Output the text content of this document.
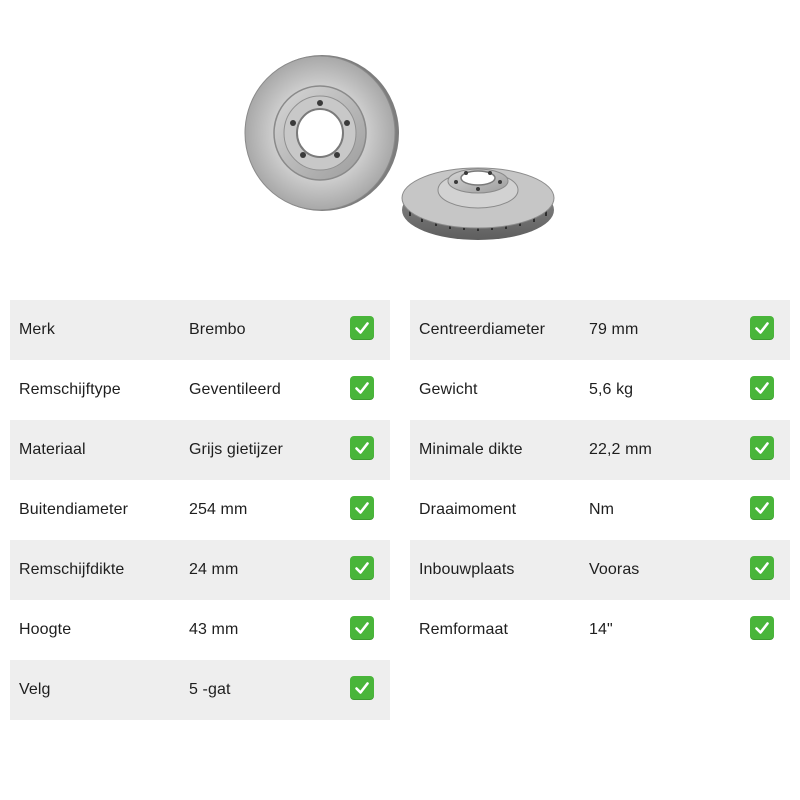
Merk	Brembo
Remschijftype	Geventileerd
Materiaal	Grijs gietijzer
Buitendiameter	254 mm
Remschijfdikte	24 mm
Hoogte	43 mm
Velg	5 -gat
Centreerdiameter	79 mm
Gewicht	5,6 kg
Minimale dikte	22,2 mm
Draaimoment	Nm
Inbouwplaats	Vooras
Remformaat	14"
